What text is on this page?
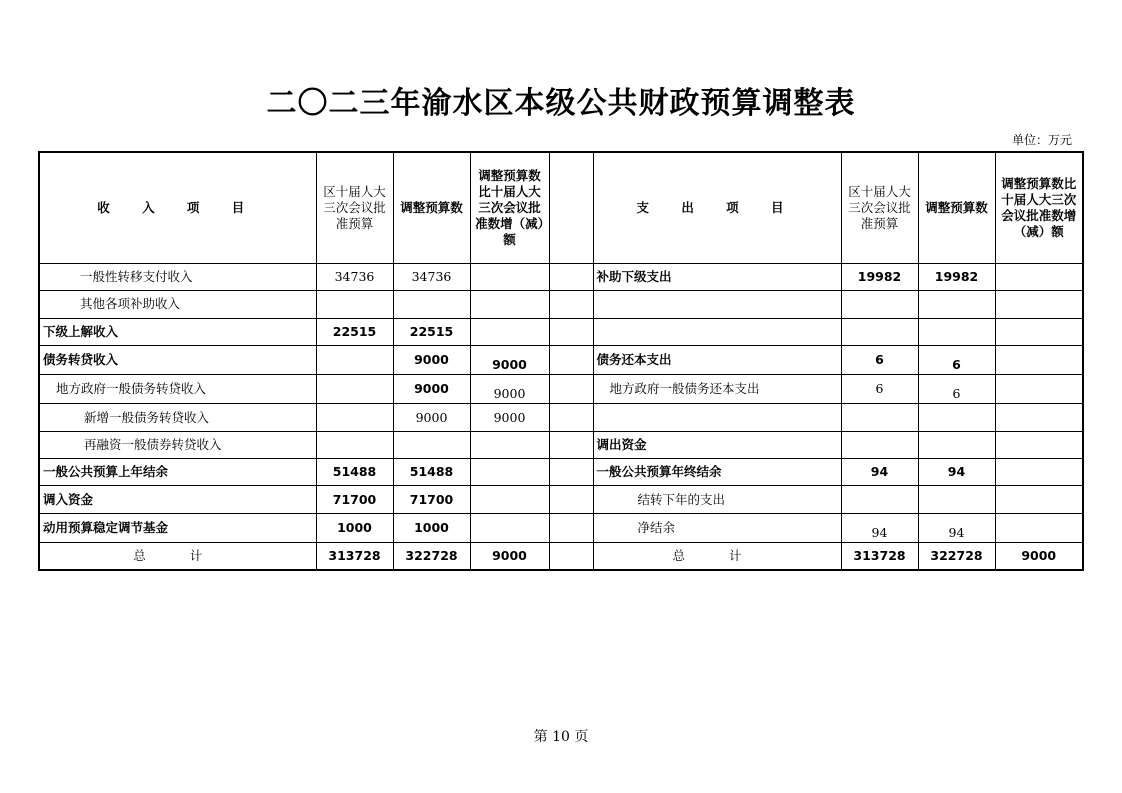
二〇二三年渝水区本级公共财政预算调整表
单位：万元
收 入 项 目	区十届人大三次会议批准预算	调整预算数	调整预算数比十届人大三次会议批准数增（减）额		支 出 项 目	区十届人大三次会议批准预算	调整预算数	调整预算数比十届人大三次会议批准数增（减）额
一般性转移支付收入	34736	34736			补助下级支出	19982	19982	
其他各项补助收入								
下级上解收入	22515	22515						
债务转贷收入		9000	9000		债务还本支出	6	6	
地方政府一般债务转贷收入		9000	9000		地方政府一般债务还本支出	6	6	
新增一般债务转贷收入		9000	9000					
再融资一般债券转贷收入					调出资金			
一般公共预算上年结余	51488	51488			一般公共预算年终结余	94	94	
调入资金	71700	71700			结转下年的支出			
动用预算稳定调节基金	1000	1000			净结余	94	94	
总 计	313728	322728	9000		总 计	313728	322728	9000
第 10 页
